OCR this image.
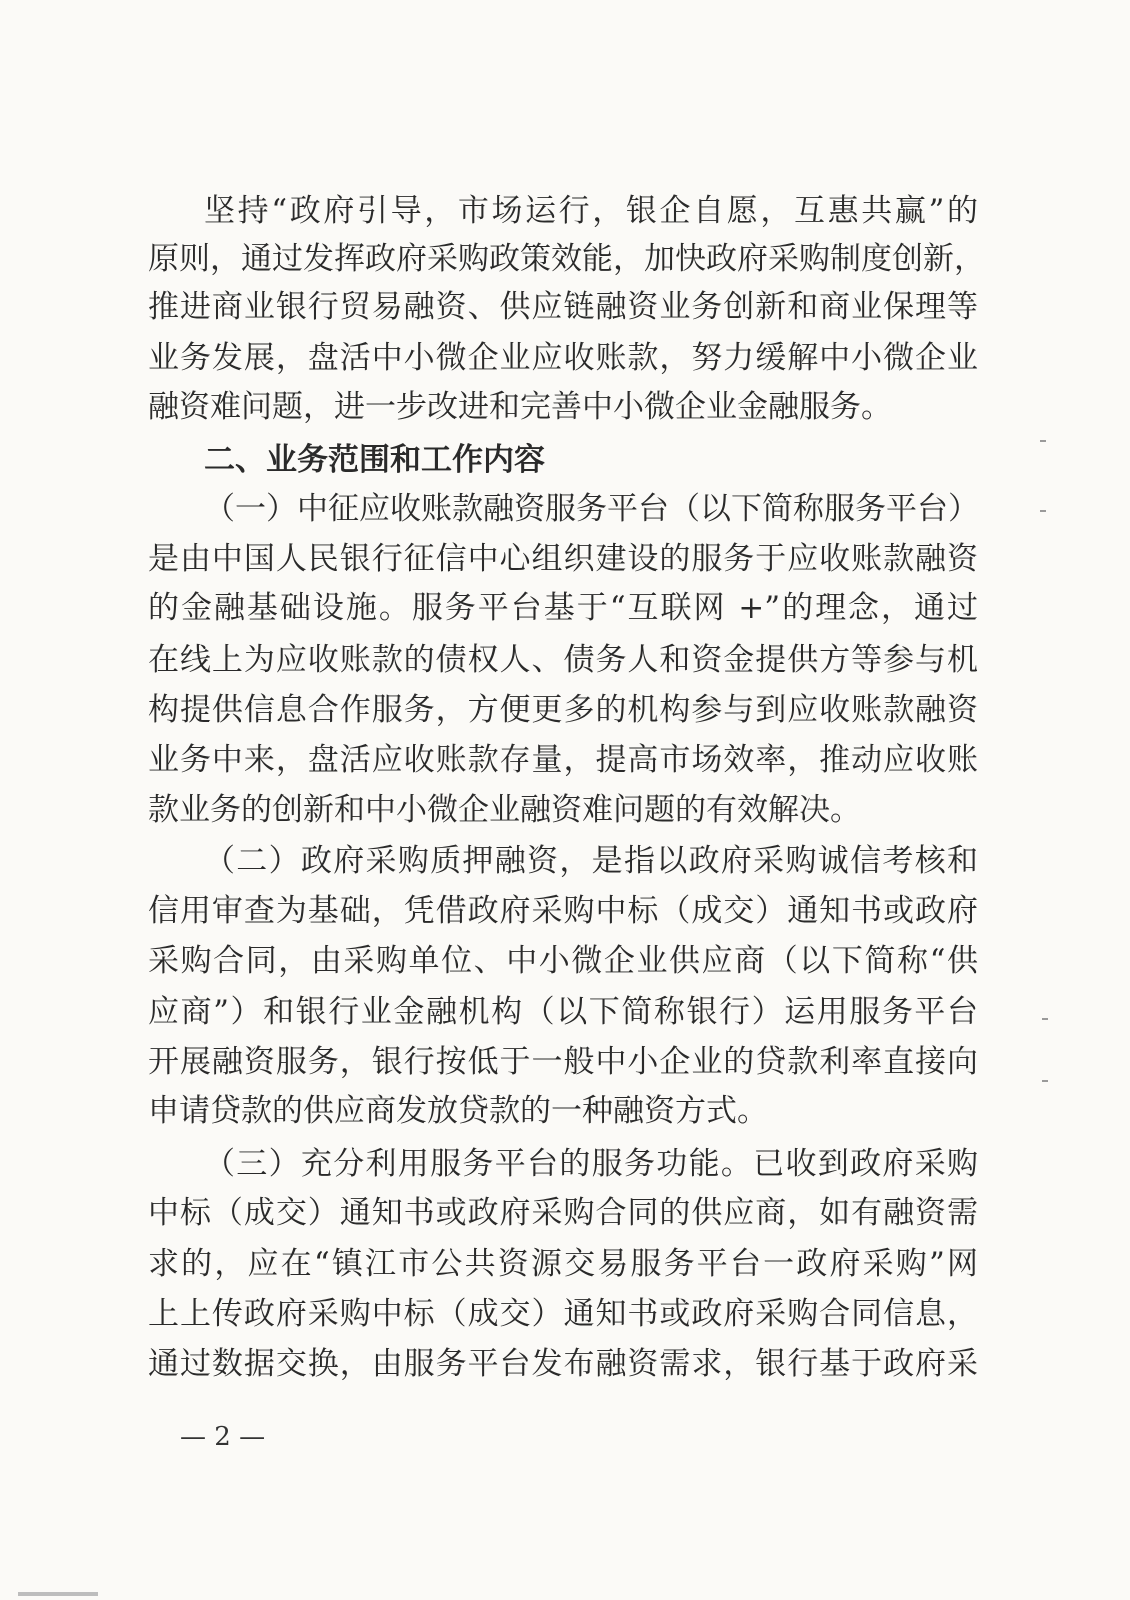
坚持“政府引导，市场运行，银企自愿，互惠共赢”的
原则，通过发挥政府采购政策效能，加快政府采购制度创新，
推进商业银行贸易融资、供应链融资业务创新和商业保理等
业务发展，盘活中小微企业应收账款，努力缓解中小微企业
融资难问题，进一步改进和完善中小微企业金融服务。
二、业务范围和工作内容
（一）中征应收账款融资服务平台（以下简称服务平台）
是由中国人民银行征信中心组织建设的服务于应收账款融资
的金融基础设施。服务平台基于“互联网 +”的理念，通过
在线上为应收账款的债权人、债务人和资金提供方等参与机
构提供信息合作服务，方便更多的机构参与到应收账款融资
业务中来，盘活应收账款存量，提高市场效率，推动应收账
款业务的创新和中小微企业融资难问题的有效解决。
（二）政府采购质押融资，是指以政府采购诚信考核和
信用审查为基础，凭借政府采购中标（成交）通知书或政府
采购合同，由采购单位、中小微企业供应商（以下简称“供
应商”）和银行业金融机构（以下简称银行）运用服务平台
开展融资服务，银行按低于一般中小企业的贷款利率直接向
申请贷款的供应商发放贷款的一种融资方式。
（三）充分利用服务平台的服务功能。已收到政府采购
中标（成交）通知书或政府采购合同的供应商，如有融资需
求的，应在“镇江市公共资源交易服务平台一政府采购”网
上上传政府采购中标（成交）通知书或政府采购合同信息，
通过数据交换，由服务平台发布融资需求，银行基于政府采
— 2 —
